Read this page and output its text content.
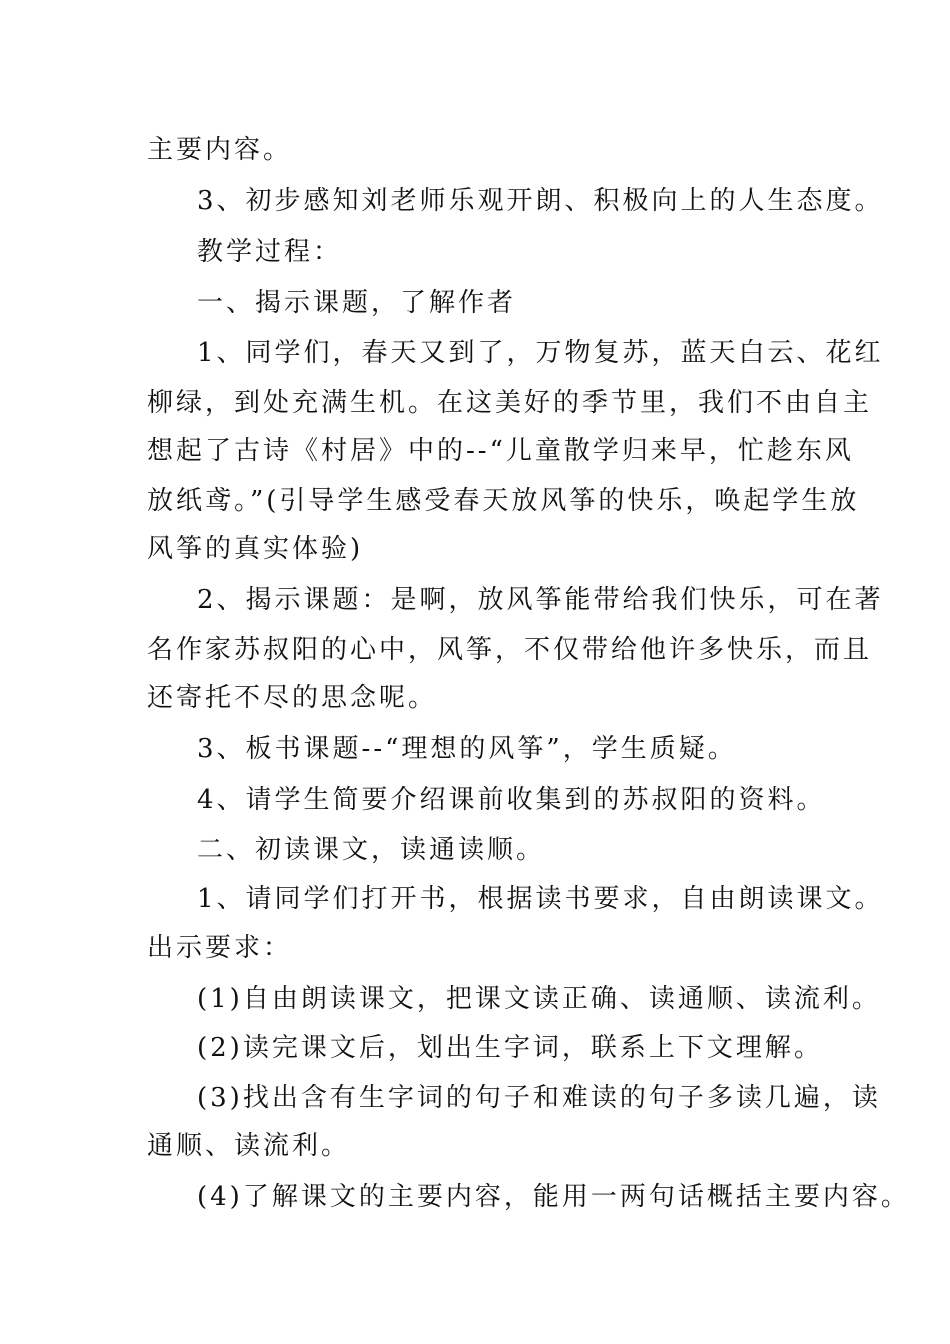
主要内容。
3、初步感知刘老师乐观开朗、积极向上的人生态度。
教学过程：
一、揭示课题，了解作者
1、同学们，春天又到了，万物复苏，蓝天白云、花红
柳绿，到处充满生机。在这美好的季节里，我们不由自主
想起了古诗《村居》中的--“儿童散学归来早，忙趁东风
放纸鸢。”(引导学生感受春天放风筝的快乐，唤起学生放
风筝的真实体验)
2、揭示课题：是啊，放风筝能带给我们快乐，可在著
名作家苏叔阳的心中，风筝，不仅带给他许多快乐，而且
还寄托不尽的思念呢。
3、板书课题--“理想的风筝”，学生质疑。
4、请学生简要介绍课前收集到的苏叔阳的资料。
二、初读课文，读通读顺。
1、请同学们打开书，根据读书要求，自由朗读课文。
出示要求：
(1)自由朗读课文，把课文读正确、读通顺、读流利。
(2)读完课文后，划出生字词，联系上下文理解。
(3)找出含有生字词的句子和难读的句子多读几遍，读
通顺、读流利。
(4)了解课文的主要内容，能用一两句话概括主要内容。
